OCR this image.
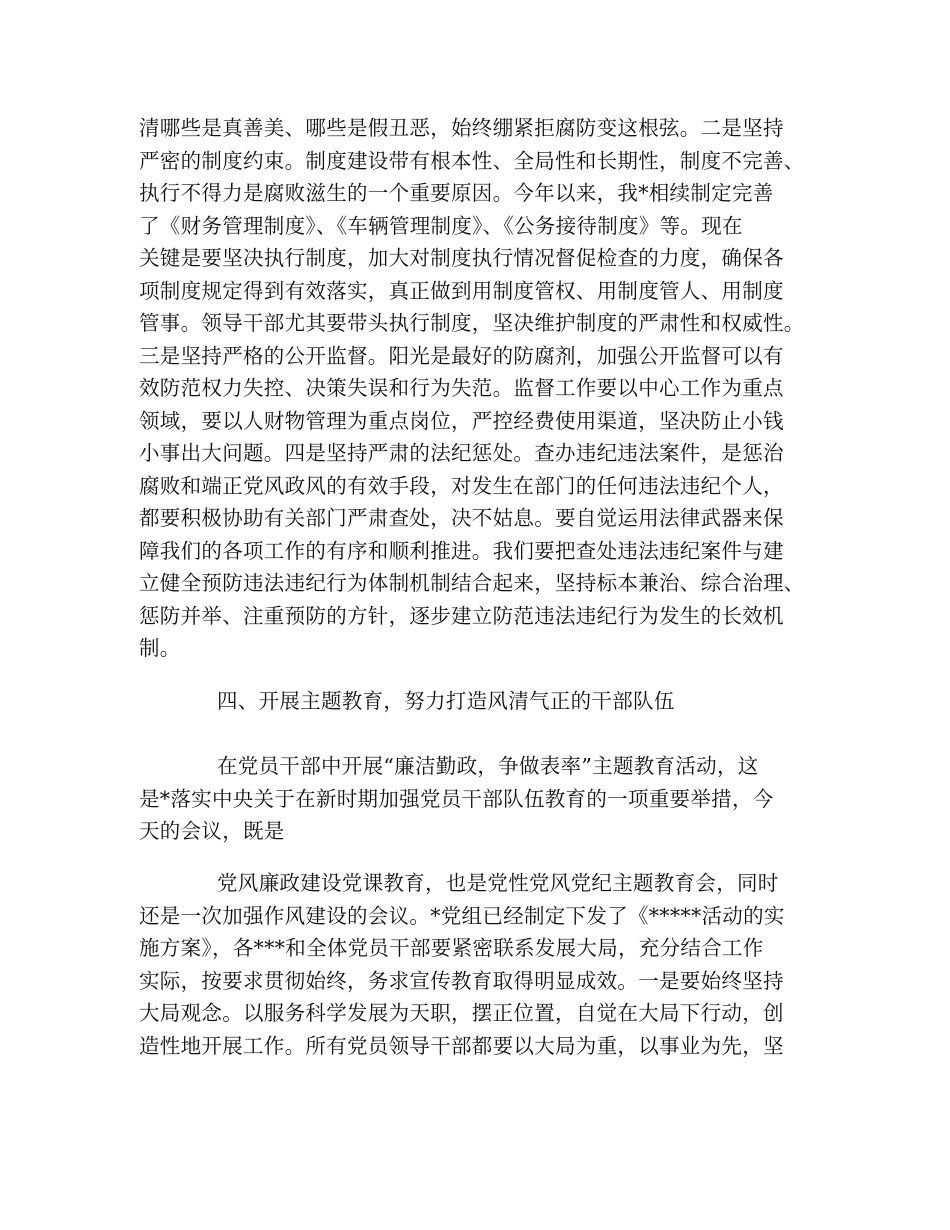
清哪些是真善美、哪些是假丑恶，始终绷紧拒腐防变这根弦。二是坚持
严密的制度约束。制度建设带有根本性、全局性和长期性，制度不完善、
执行不得力是腐败滋生的一个重要原因。今年以来，我*相续制定完善
了《财务管理制度》、《车辆管理制度》、《公务接待制度》等。现在
关键是要坚决执行制度，加大对制度执行情况督促检查的力度，确保各
项制度规定得到有效落实，真正做到用制度管权、用制度管人、用制度
管事。领导干部尤其要带头执行制度，坚决维护制度的严肃性和权威性。
三是坚持严格的公开监督。阳光是最好的防腐剂，加强公开监督可以有
效防范权力失控、决策失误和行为失范。监督工作要以中心工作为重点
领域，要以人财物管理为重点岗位，严控经费使用渠道，坚决防止小钱
小事出大问题。四是坚持严肃的法纪惩处。查办违纪违法案件，是惩治
腐败和端正党风政风的有效手段，对发生在部门的任何违法违纪个人，
都要积极协助有关部门严肃查处，决不姑息。要自觉运用法律武器来保
障我们的各项工作的有序和顺利推进。我们要把查处违法违纪案件与建
立健全预防违法违纪行为体制机制结合起来，坚持标本兼治、综合治理、
惩防并举、注重预防的方针，逐步建立防范违法违纪行为发生的长效机
制。
四、开展主题教育，努力打造风清气正的干部队伍
在党员干部中开展“廉洁勤政，争做表率”主题教育活动，这
是*落实中央关于在新时期加强党员干部队伍教育的一项重要举措，今
天的会议，既是
党风廉政建设党课教育，也是党性党风党纪主题教育会，同时
还是一次加强作风建设的会议。*党组已经制定下发了《*****活动的实
施方案》，各***和全体党员干部要紧密联系发展大局，充分结合工作
实际，按要求贯彻始终，务求宣传教育取得明显成效。一是要始终坚持
大局观念。以服务科学发展为天职，摆正位置，自觉在大局下行动，创
造性地开展工作。所有党员领导干部都要以大局为重，以事业为先，坚
